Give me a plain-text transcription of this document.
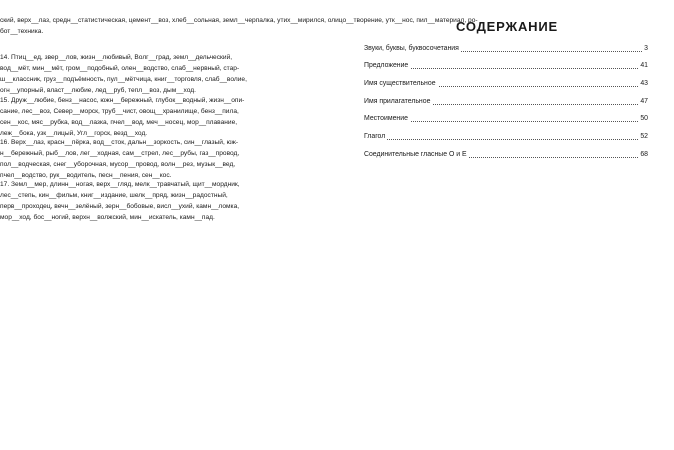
ский, верх__лаз, средн__статистическая, цемент__воз, хлеб__сольная, земл__черпалка, утих__мирился, олицо__творение, утк__нос, пил__материал, ро-
бот__техника.
14. Птиц__ед, звер__лов, жизн__любивый, Волг__град, земл__дельческий,
вод__мёт, мин__мёт, гром__подобный, олен__водство, слаб__нервный, стар-
ш__классник, груз__подъёмность, пул__мётчица, книг__торговля, слаб__волие,
огн__упорный, власт__любие, лед__руб, тепл__воз, дым__ход.
15. Друж__любие, бенз__насос, южн__бережный, глубок__водный, жизн__опи-
сание, лес__воз, Север__морск, труб__чист, овощ__хранилище, бенз__пила,
сен__кос, мяс__рубка, вод__лазка, пчел__вод, меч__носец, мор__плавание,
леж__бока, узк__лицый, Угл__горск, везд__ход.
16. Верх__лаз, красн__пёрка, вод__сток, дальн__зоркость, син__глазый, юж-
н__бережный, рыб__лов, лег__ходная, сам__стрел, лес__рубы, газ__провод,
пол__водческая, снег__уборочная, мусор__провод, волн__рез, музык__вед,
пчел__водство, рук__водитель, песн__пения, сен__кос.
17. Земл__мер, длинн__ногая, верх__гляд, мелк__травчатый, щит__мордник,
лес__степь, кин__фильм, книг__издание, шелк__пряд, жизн__радостный,
перв__проходец, вечн__зелёный, зерн__бобовые, висл__ухий, камн__ломка,
мор__ход, бос__ногий, верхн__волжский, мин__искатель, камн__пад.
СОДЕРЖАНИЕ
Звуки, буквы, буквосочетания	3
Предложение	41
Имя существительное	43
Имя прилагательное	47
Местоимение	50
Глагол	52
Соединительные гласные О и Е	68
